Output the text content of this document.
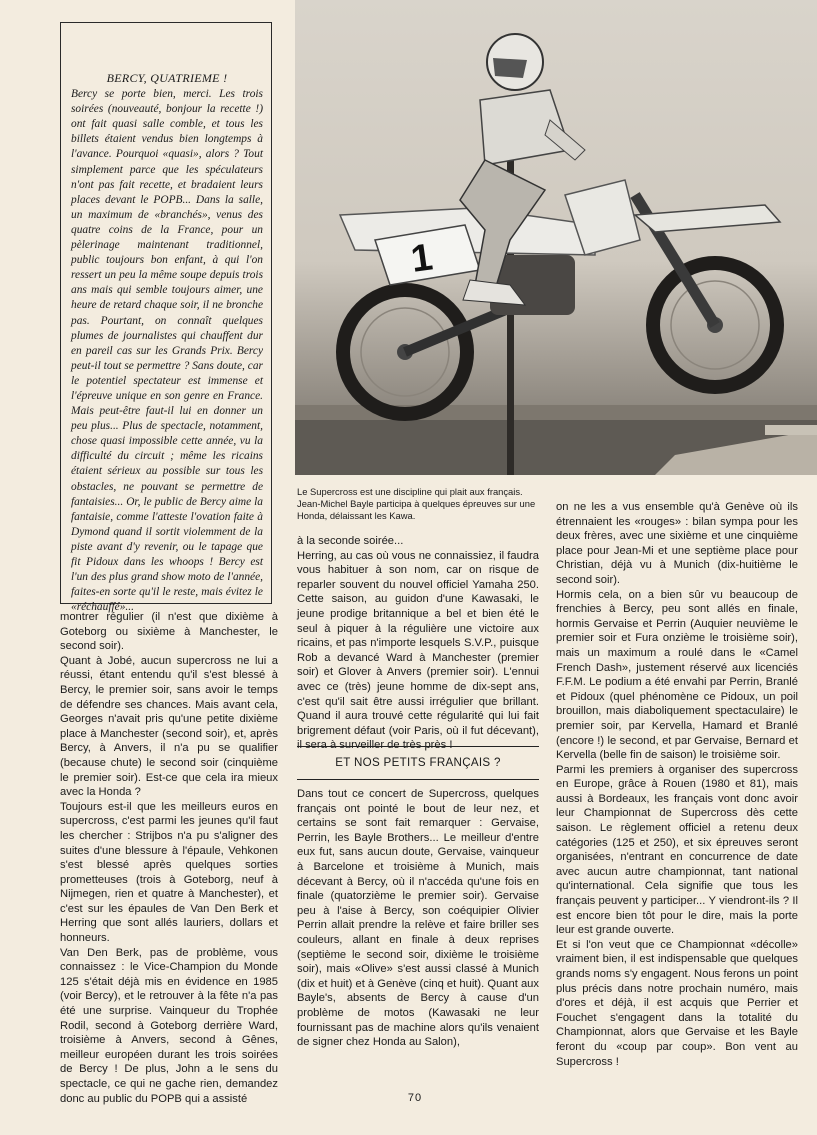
BERCY, QUATRIEME !

Bercy se porte bien, merci. Les trois soirées (nouveauté, bonjour la recette !) ont fait quasi salle comble, et tous les billets étaient vendus bien longtemps à l'avance. Pourquoi «quasi», alors ? Tout simplement parce que les spéculateurs n'ont pas fait recette, et bradaient leurs places devant le POPB... Dans la salle, un maximum de «branchés», venus des quatre coins de la France, pour un pèlerinage maintenant traditionnel, public toujours bon enfant, à qui l'on ressert un peu la même soupe depuis trois ans mais qui semble toujours aimer, une heure de retard chaque soir, il ne bronche pas. Pourtant, on connaît quelques plumes de journalistes qui chauffent dur en pareil cas sur les Grands Prix. Bercy peut-il tout se permettre ? Sans doute, car le potentiel spectateur est immense et l'épreuve unique en son genre en France. Mais peut-être faut-il lui en donner un peu plus... Plus de spectacle, notamment, chose quasi impossible cette année, vu la difficulté du circuit ; même les ricains étaient sérieux au possible sur tous les obstacles, ne pouvant se permettre de fantaisies... Or, le public de Bercy aime la fantaisie, comme l'atteste l'ovation faite à Dymond quand il sortit violemment de la piste avant d'y revenir, ou le tapage que fit Pidoux dans les whoops ! Bercy est l'un des plus grand show moto de l'année, faites-en sorte qu'il le reste, mais évitez le «réchauffé»...

1

Le Supercross est une discipline qui plait aux français. Jean-Michel Bayle participa à quelques épreuves sur une Honda, délaissant les Kawa.

montrer régulier (il n'est que dixième à Goteborg ou sixième à Manchester, le second soir).

Quant à Jobé, aucun supercross ne lui a réussi, étant entendu qu'il s'est blessé à Bercy, le premier soir, sans avoir le temps de défendre ses chances. Mais avant cela, Georges n'avait pris qu'une petite dixième place à Manchester (second soir), et, après Bercy, à Anvers, il n'a pu se qualifier (because chute) le second soir (cinquième le premier soir). Est-ce que cela ira mieux avec la Honda ?

Toujours est-il que les meilleurs euros en supercross, c'est parmi les jeunes qu'il faut les chercher : Strijbos n'a pu s'aligner des suites d'une blessure à l'épaule, Vehkonen s'est blessé après quelques sorties prometteuses (trois à Goteborg, neuf à Nijmegen, rien et quatre à Manchester), et c'est sur les épaules de Van Den Berk et Herring que sont allés lauriers, dollars et honneurs.

Van Den Berk, pas de problème, vous connaissez : le Vice-Champion du Monde 125 s'était déjà mis en évidence en 1985 (voir Bercy), et le retrouver à la fête n'a pas été une surprise. Vainqueur du Trophée Rodil, second à Goteborg derrière Ward, troisième à Anvers, second à Gênes, meilleur européen durant les trois soirées de Bercy ! De plus, John a le sens du spectacle, ce qui ne gache rien, demandez donc au public du POPB qui a assisté

à la seconde soirée...

Herring, au cas où vous ne connaissiez, il faudra vous habituer à son nom, car on risque de reparler souvent du nouvel officiel Yamaha 250. Cette saison, au guidon d'une Kawasaki, le jeune prodige britannique a bel et bien été le seul à piquer à la régulière une victoire aux ricains, et pas n'importe lesquels S.V.P., puisque Rob a devancé Ward à Manchester (premier soir) et Glover à Anvers (premier soir). L'ennui avec ce (très) jeune homme de dix-sept ans, c'est qu'il sait être aussi irrégulier que brillant. Quand il aura trouvé cette régularité qui lui fait brigrement défaut (voir Paris, où il fut décevant), il sera à surveiller de très près !

ET NOS PETITS FRANÇAIS ?

Dans tout ce concert de Supercross, quelques français ont pointé le bout de leur nez, et certains se sont fait remarquer : Gervaise, Perrin, les Bayle Brothers... Le meilleur d'entre eux fut, sans aucun doute, Gervaise, vainqueur à Barcelone et troisième à Munich, mais décevant à Bercy, où il n'accéda qu'une fois en finale (quatorzième le premier soir). Gervaise peu à l'aise à Bercy, son coéquipier Olivier Perrin allait prendre la relève et faire briller ses couleurs, allant en finale à deux reprises (septième le second soir, dixième le troisième soir), mais «Olive» s'est aussi classé à Munich (dix et huit) et à Genève (cinq et huit). Quant aux Bayle's, absents de Bercy à cause d'un problème de motos (Kawasaki ne leur fournissant pas de machine alors qu'ils venaient de signer chez Honda au Salon),

on ne les a vus ensemble qu'à Genève où ils étrennaient les «rouges» : bilan sympa pour les deux frères, avec une sixième et une cinquième place pour Jean-Mi et une septième place pour Christian, déjà vu à Munich (dix-huitième le second soir).

Hormis cela, on a bien sûr vu beaucoup de frenchies à Bercy, peu sont allés en finale, hormis Gervaise et Perrin (Auquier neuvième le premier soir et Fura onzième le troisième soir), mais un maximum a roulé dans le «Camel French Dash», justement réservé aux licenciés F.F.M. Le podium a été envahi par Perrin, Branlé et Pidoux (quel phénomène ce Pidoux, un poil brouillon, mais diaboliquement spectaculaire) le premier soir, par Kervella, Hamard et Branlé (encore !) le second, et par Gervaise, Bernard et Kervella (belle fin de saison) le troisième soir.

Parmi les premiers à organiser des supercross en Europe, grâce à Rouen (1980 et 81), mais aussi à Bordeaux, les français vont donc avoir leur Championnat de Supercross dès cette saison. Le règlement officiel a retenu deux catégories (125 et 250), et six épreuves seront organisées, n'entrant en concurrence de date avec aucun autre championnat, tant national qu'international. Cela signifie que tous les français peuvent y participer... Y viendront-ils ? Il est encore bien tôt pour le dire, mais la porte leur est grande ouverte.

Et si l'on veut que ce Championnat «décolle» vraiment bien, il est indispensable que quelques grands noms s'y engagent. Nous ferons un point plus précis dans notre prochain numéro, mais d'ores et déjà, il est acquis que Perrier et Fouchet s'engagent dans la totalité du Championnat, alors que Gervaise et les Bayle feront du «coup par coup». Bon vent au Supercross !

70
